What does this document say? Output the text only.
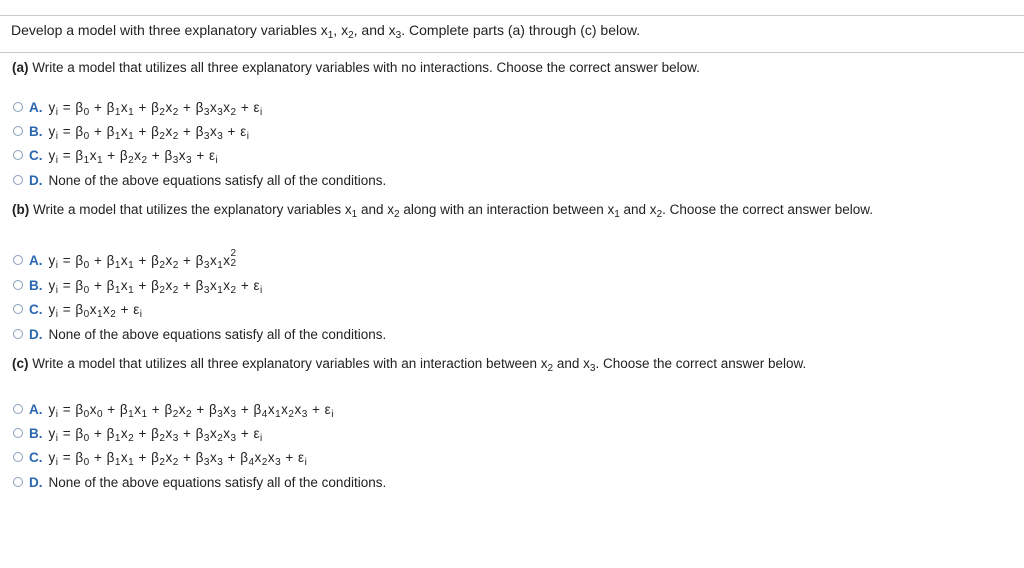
Develop a model with three explanatory variables $x_1$, $x_2$, and $x_3$. Complete parts (a) through (c) below.
(a) Write a model that utilizes all three explanatory variables with no interactions. Choose the correct answer below.
A. $y_i = \beta_0 + \beta_1x_1 + \beta_2x_2 + \beta_3x_3x_2 + \varepsilon_i$
B. $y_i = \beta_0 + \beta_1x_1 + \beta_2x_2 + \beta_3x_3 + \varepsilon_i$
C. $y_i = \beta_1x_1 + \beta_2x_2 + \beta_3x_3 + \varepsilon_i$
D. None of the above equations satisfy all of the conditions.
(b) Write a model that utilizes the explanatory variables $x_1$ and $x_2$ along with an interaction between $x_1$ and $x_2$. Choose the correct answer below.
A. $y_i = \beta_0 + \beta_1x_1 + \beta_2x_2 + \beta_3x_1x$ 2
2
B. $y_i = \beta_0 + \beta_1x_1 + \beta_2x_2 + \beta_3x_1x_2 + \varepsilon_i$
C. $y_i = \beta_0x_1x_2 + \varepsilon_i$
D. None of the above equations satisfy all of the conditions.
(c) Write a model that utilizes all three explanatory variables with an interaction between $x_2$ and $x_3$. Choose the correct answer below.
A. $y_i = \beta_0x_0 + \beta_1x_1 + \beta_2x_2 + \beta_3x_3 + \beta_4x_1x_2x_3 + \varepsilon_i$
B. $y_i = \beta_0 + \beta_1x_2 + \beta_2x_3 + \beta_3x_2x_3 + \varepsilon_i$
C. $y_i = \beta_0 + \beta_1x_1 + \beta_2x_2 + \beta_3x_3 + \beta_4x_2x_3 + \varepsilon_i$
D. None of the above equations satisfy all of the conditions.
